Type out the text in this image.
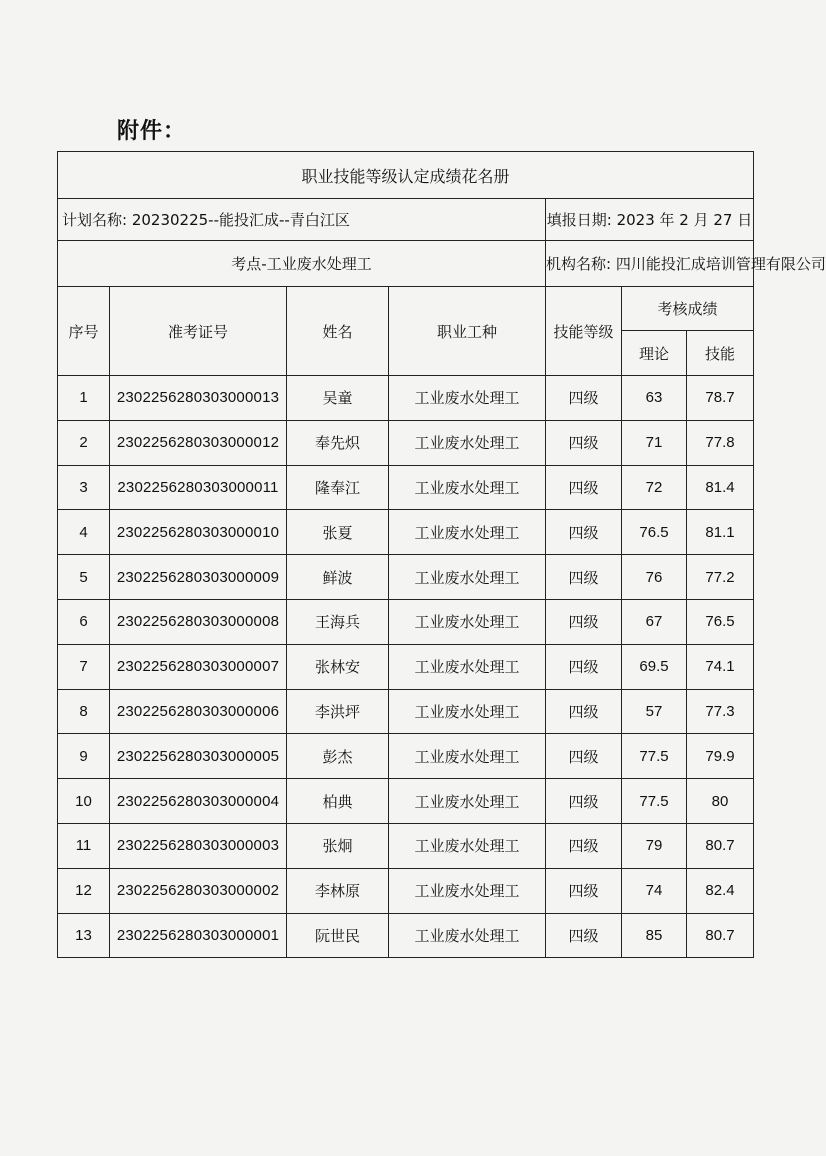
附件：
职业技能等级认定成绩花名册						
计划名称: 20230225--能投汇成--青白江区				填报日期: 2023 年 2 月 27 日		
考点-工业废水处理工				机构名称: 四川能投汇成培训管理有限公司		
序号	准考证号	姓名	职业工种	技能等级	考核成绩	
					理论	技能
1	2302256280303000013	吴童	工业废水处理工	四级	63	78.7
2	2302256280303000012	奉先炽	工业废水处理工	四级	71	77.8
3	2302256280303000011	隆奉江	工业废水处理工	四级	72	81.4
4	2302256280303000010	张夏	工业废水处理工	四级	76.5	81.1
5	2302256280303000009	鲜波	工业废水处理工	四级	76	77.2
6	2302256280303000008	王海兵	工业废水处理工	四级	67	76.5
7	2302256280303000007	张林安	工业废水处理工	四级	69.5	74.1
8	2302256280303000006	李洪坪	工业废水处理工	四级	57	77.3
9	2302256280303000005	彭杰	工业废水处理工	四级	77.5	79.9
10	2302256280303000004	柏典	工业废水处理工	四级	77.5	80
11	2302256280303000003	张炯	工业废水处理工	四级	79	80.7
12	2302256280303000002	李林原	工业废水处理工	四级	74	82.4
13	2302256280303000001	阮世民	工业废水处理工	四级	85	80.7
